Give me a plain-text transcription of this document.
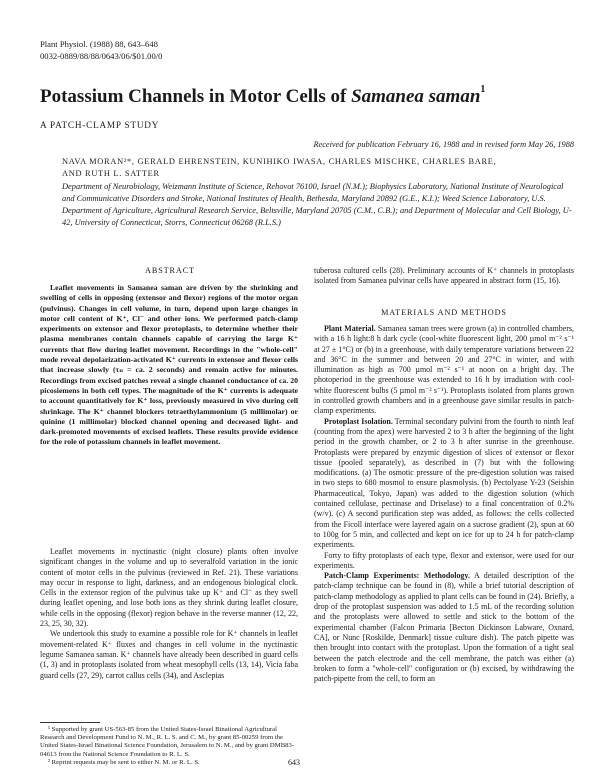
Plant Physiol. (1988) 88, 643–648
0032-0889/88/88/0643/06/$01.00/0
Potassium Channels in Motor Cells of Samanea saman$^1$
A PATCH-CLAMP STUDY
Received for publication February 16, 1988 and in revised form May 26, 1988
NAVA MORAN²*, GERALD EHRENSTEIN, KUNIHIKO IWASA, CHARLES MISCHKE, CHARLES BARE,
AND RUTH L. SATTER
Department of Neurobiology, Weizmann Institute of Science, Rehovot 76100, Israel (N.M.); Biophysics Laboratory, National Institute of Neurological and Communicative Disorders and Stroke, National Institutes of Health, Bethesda, Maryland 20892 (G.E., K.I.); Weed Science Laboratory, U.S. Department of Agriculture, Agricultural Research Service, Beltsville, Maryland 20705 (C.M., C.B.); and Department of Molecular and Cell Biology, U-42, University of Connecticut, Storrs, Connecticut 06268 (R.L.S.)
ABSTRACT

Leaflet movements in Samanea saman are driven by the shrinking and swelling of cells in opposing (extensor and flexor) regions of the motor organ (pulvinus). Changes in cell volume, in turn, depend upon large changes in motor cell content of K⁺, Cl⁻ and other ions. We performed patch-clamp experiments on extensor and flexor protoplasts, to determine whether their plasma membranes contain channels capable of carrying the large K⁺ currents that flow during leaflet movement. Recordings in the "whole-cell" mode reveal depolarization-activated K⁺ currents in extensor and flexor cells that increase slowly (τₙ = ca. 2 seconds) and remain active for minutes. Recordings from excised patches reveal a single channel conductance of ca. 20 picosiemens in both cell types. The magnitude of the K⁺ currents is adequate to account quantitatively for K⁺ loss, previously measured in vivo during cell shrinkage. The K⁺ channel blockers tetraethylammonium (5 millimolar) or quinine (1 millimolar) blocked channel opening and decreased light- and dark-promoted movements of excised leaflets. These results provide evidence for the role of potassium channels in leaflet movement.

Leaflet movements in nyctinastic (night closure) plants often involve significant changes in the volume and up to severalfold variation in the ionic content of motor cells in the pulvinus (reviewed in Ref. 21). These variations may occur in response to light, darkness, and an endogenous biological clock. Cells in the extensor region of the pulvinus take up K⁺ and Cl⁻ as they swell during leaflet opening, and lose both ions as they shrink during leaflet closure, while cells in the opposing (flexor) region behave in the reverse manner (12, 22, 23, 25, 30, 32).

We undertook this study to examine a possible role for K⁺ channels in leaflet movement-related K⁺ fluxes and changes in cell volume in the nyctinastic legume Samanea saman. K⁺ channels have already been described in guard cells (1, 3) and in protoplasts isolated from wheat mesophyll cells (13, 14), Vicia faba guard cells (27, 29), carrot callus cells (34), and Asclepias

¹ Supported by grant US-563-85 from the United States-Israel Binational Agricultural Research and Development Fund to N. M., R. L. S. and C. M., by grant 85-00259 from the United States-Israel Binational Science Foundation, Jerusalem to N. M., and by grant DMB83-04613 from the National Science Foundation to R. L. S.

² Reprint requests may be sent to either N. M. or R. L. S.

tuberosa cultured cells (28). Preliminary accounts of K⁺ channels in protoplasts isolated from Samanea pulvinar cells have appeared in abstract form (15, 16).

MATERIALS AND METHODS

Plant Material. Samanea saman trees were grown (a) in controlled chambers, with a 16 h light:8 h dark cycle (cool-white fluorescent light, 200 µmol m⁻² s⁻¹ at 27 ± 1°C) or (b) in a greenhouse, with daily temperature variations between 22 and 36°C in the summer and between 20 and 27°C in winter, and with illumination as high as 700 µmol m⁻² s⁻¹ at noon on a bright day. The photoperiod in the greenhouse was extended to 16 h by irradiation with cool-white fluorescent bulbs (5 µmol m⁻² s⁻¹). Protoplasts isolated from plants grown in controlled growth chambers and in a greenhouse gave similar results in patch-clamp experiments.

Protoplast Isolation. Terminal secondary pulvini from the fourth to ninth leaf (counting from the apex) were harvested 2 to 3 h after the beginning of the light period in the growth chamber, or 2 to 3 h after sunrise in the greenhouse. Protoplasts were prepared by enzymic digestion of slices of extensor or flexor tissue (pooled separately), as described in (7) but with the following modifications. (a) The osmotic pressure of the pre-digestion solution was raised in two steps to 680 mosmol to ensure plasmolysis. (b) Pectolyase Y-23 (Seishin Pharmaceutical, Tokyo, Japan) was added to the digestion solution (which contained cellulase, pectinase and Driselase) to a final concentration of 0.2% (w/v). (c) A second purification step was added, as follows: the cells collected from the Ficoll interface were layered again on a sucrose gradient (2), spun at 60 to 100g for 5 min, and collected and kept on ice for up to 24 h for patch-clamp experiments.

Forty to fifty protoplasts of each type, flexor and extensor, were used for our experiments.

Patch-Clamp Experiments: Methodology. A detailed description of the patch-clamp technique can be found in (8), while a brief tutorial description of patch-clamp methodology as applied to plant cells can be found in (24). Briefly, a drop of the protoplast suspension was added to 1.5 mL of the recording solution and the protoplasts were allowed to settle and stick to the bottom of the experimental chamber (Falcon Primaria [Becton Dickinson Labware, Oxnard, CA], or Nunc [Roskilde, Denmark] tissue culture dish). The patch pipette was then brought into contact with the protoplast. Upon the formation of a tight seal between the patch electrode and the cell membrane, the patch was either (a) broken to form a "whole-cell" configuration or (b) excised, by withdrawing the patch-pipette from the cell, to form an

643
